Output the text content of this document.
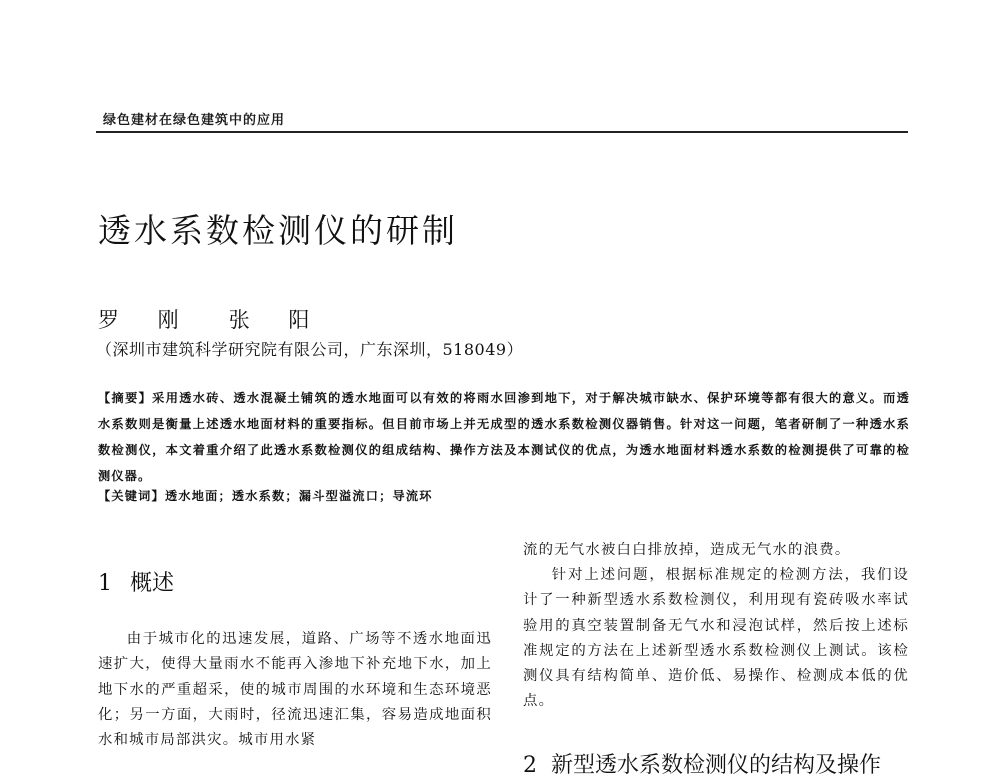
绿色建材在绿色建筑中的应用
透水系数检测仪的研制
罗 刚 张 阳
（深圳市建筑科学研究院有限公司，广东深圳，518049）
【摘要】采用透水砖、透水混凝土铺筑的透水地面可以有效的将雨水回渗到地下，对于解决城市缺水、保护环境等都有很大的意义。而透水系数则是衡量上述透水地面材料的重要指标。但目前市场上并无成型的透水系数检测仪器销售。针对这一问题，笔者研制了一种透水系数检测仪，本文着重介绍了此透水系数检测仪的组成结构、操作方法及本测试仪的优点，为透水地面材料透水系数的检测提供了可靠的检测仪器。
【关键词】透水地面；透水系数；漏斗型溢流口；导流环
1 概述

由于城市化的迅速发展，道路、广场等不透水地面迅速扩大，使得大量雨水不能再入渗地下补充地下水，加上地下水的严重超采，使的城市周围的水环境和生态环境恶化；另一方面，大雨时，径流迅速汇集，容易造成地面积水和城市局部洪灾。城市用水紧

流的无气水被白白排放掉，造成无气水的浪费。

针对上述问题，根据标准规定的检测方法，我们设计了一种新型透水系数检测仪，利用现有瓷砖吸水率试验用的真空装置制备无气水和浸泡试样，然后按上述标准规定的方法在上述新型透水系数检测仪上测试。该检测仪具有结构简单、造价低、易操作、检测成本低的优点。

2 新型透水系数检测仪的结构及操作
